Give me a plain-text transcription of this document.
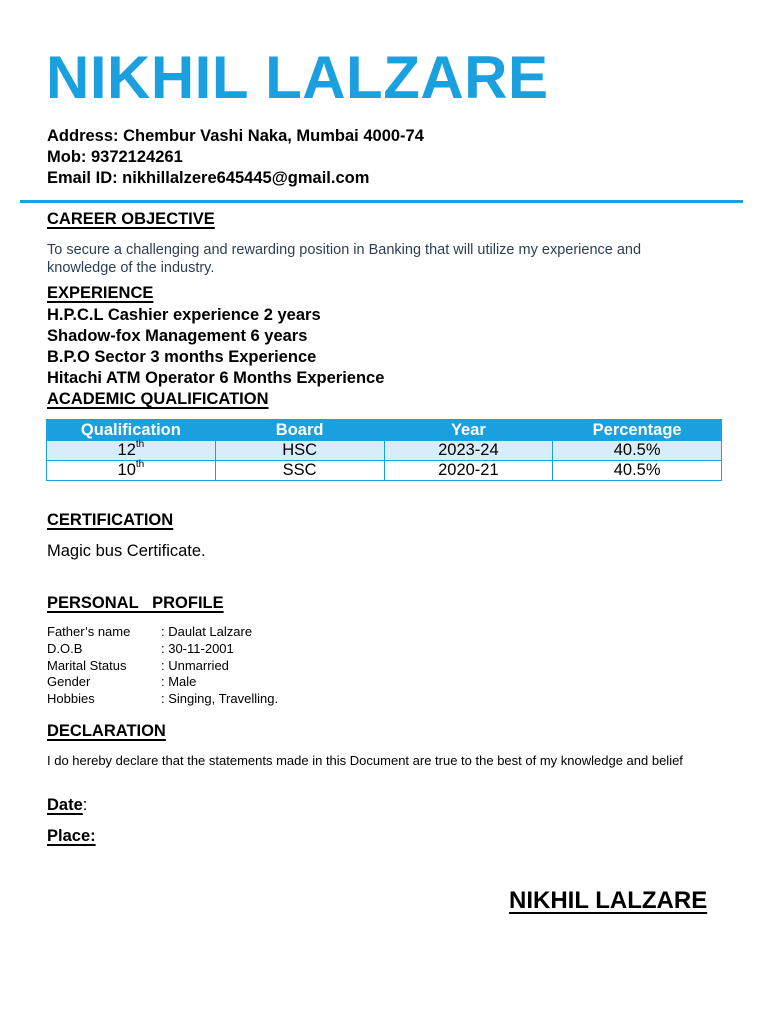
NIKHIL LALZARE
Address: Chembur Vashi Naka, Mumbai 4000-74
Mob: 9372124261
Email ID: nikhillalzere645445@gmail.com
CAREER OBJECTIVE
To secure a challenging and rewarding position in Banking that will utilize my experience and knowledge of the industry.
EXPERIENCE
H.P.C.L Cashier experience 2 years
Shadow-fox Management 6 years
B.P.O Sector 3 months Experience
Hitachi ATM Operator 6 Months Experience
ACADEMIC QUALIFICATION
Qualification	Board	Year	Percentage
12th	HSC	2023-24	40.5%
10th	SSC	2020-21	40.5%
CERTIFICATION
Magic bus Certificate.
PERSONAL   PROFILE
Father’s name	: Daulat Lalzare
D.O.B	: 30-11-2001
Marital Status	: Unmarried
Gender	: Male
Hobbies	: Singing, Travelling.
DECLARATION
I do hereby declare that the statements made in this Document are true to the best of my knowledge and belief
Date:
Place:
NIKHIL LALZARE
